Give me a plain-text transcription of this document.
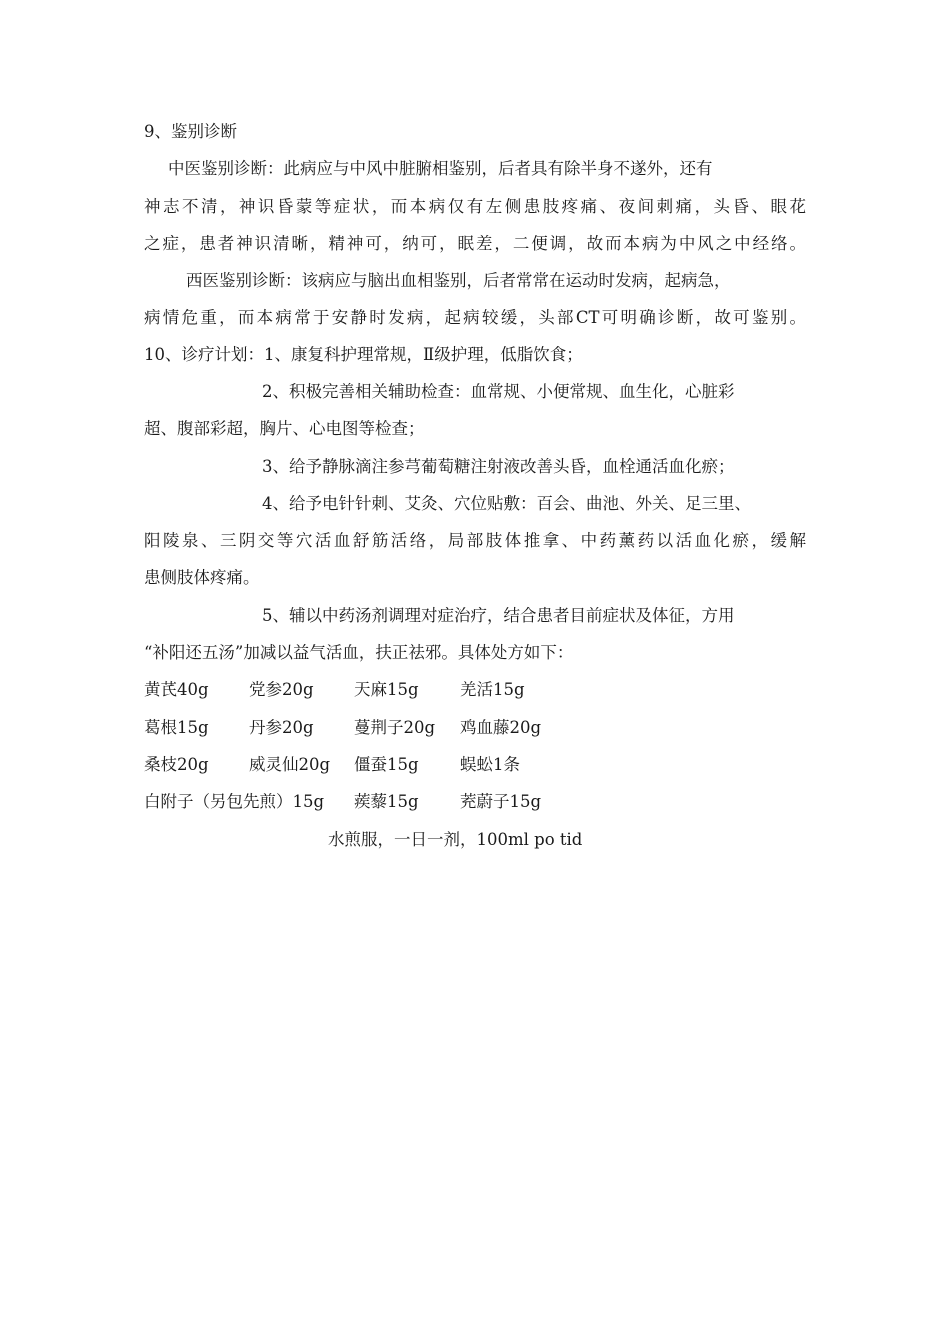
9、鉴别诊断
中医鉴别诊断：此病应与中风中脏腑相鉴别，后者具有除半身不遂外，还有
神志不清，神识昏蒙等症状，而本病仅有左侧患肢疼痛、夜间刺痛，头昏、眼花
之症，患者神识清晰，精神可，纳可，眠差，二便调，故而本病为中风之中经络。
西医鉴别诊断：该病应与脑出血相鉴别，后者常常在运动时发病，起病急，
病情危重，而本病常于安静时发病，起病较缓，头部CT可明确诊断，故可鉴别。
10、诊疗计划：1、康复科护理常规，Ⅱ级护理，低脂饮食；
2、积极完善相关辅助检查：血常规、小便常规、血生化，心脏彩
超、腹部彩超，胸片、心电图等检查；
3、给予静脉滴注参芎葡萄糖注射液改善头昏，血栓通活血化瘀；
4、给予电针针刺、艾灸、穴位贴敷：百会、曲池、外关、足三里、
阳陵泉、三阴交等穴活血舒筋活络，局部肢体推拿、中药薰药以活血化瘀，缓解
患侧肢体疼痛。
5、辅以中药汤剂调理对症治疗，结合患者目前症状及体征，方用
“补阳还五汤”加减以益气活血，扶正祛邪。具体处方如下：
黄芪40g 党参20g 天麻15g	羌活15g
葛根15g 丹参20g 蔓荆子20g 鸡血藤20g
桑枝20g 威灵仙20g 僵蚕15g	蜈蚣1条
白附子（另包先煎）15g 蒺藜15g	茺蔚子15g
水煎服，一日一剂，100ml po tid
